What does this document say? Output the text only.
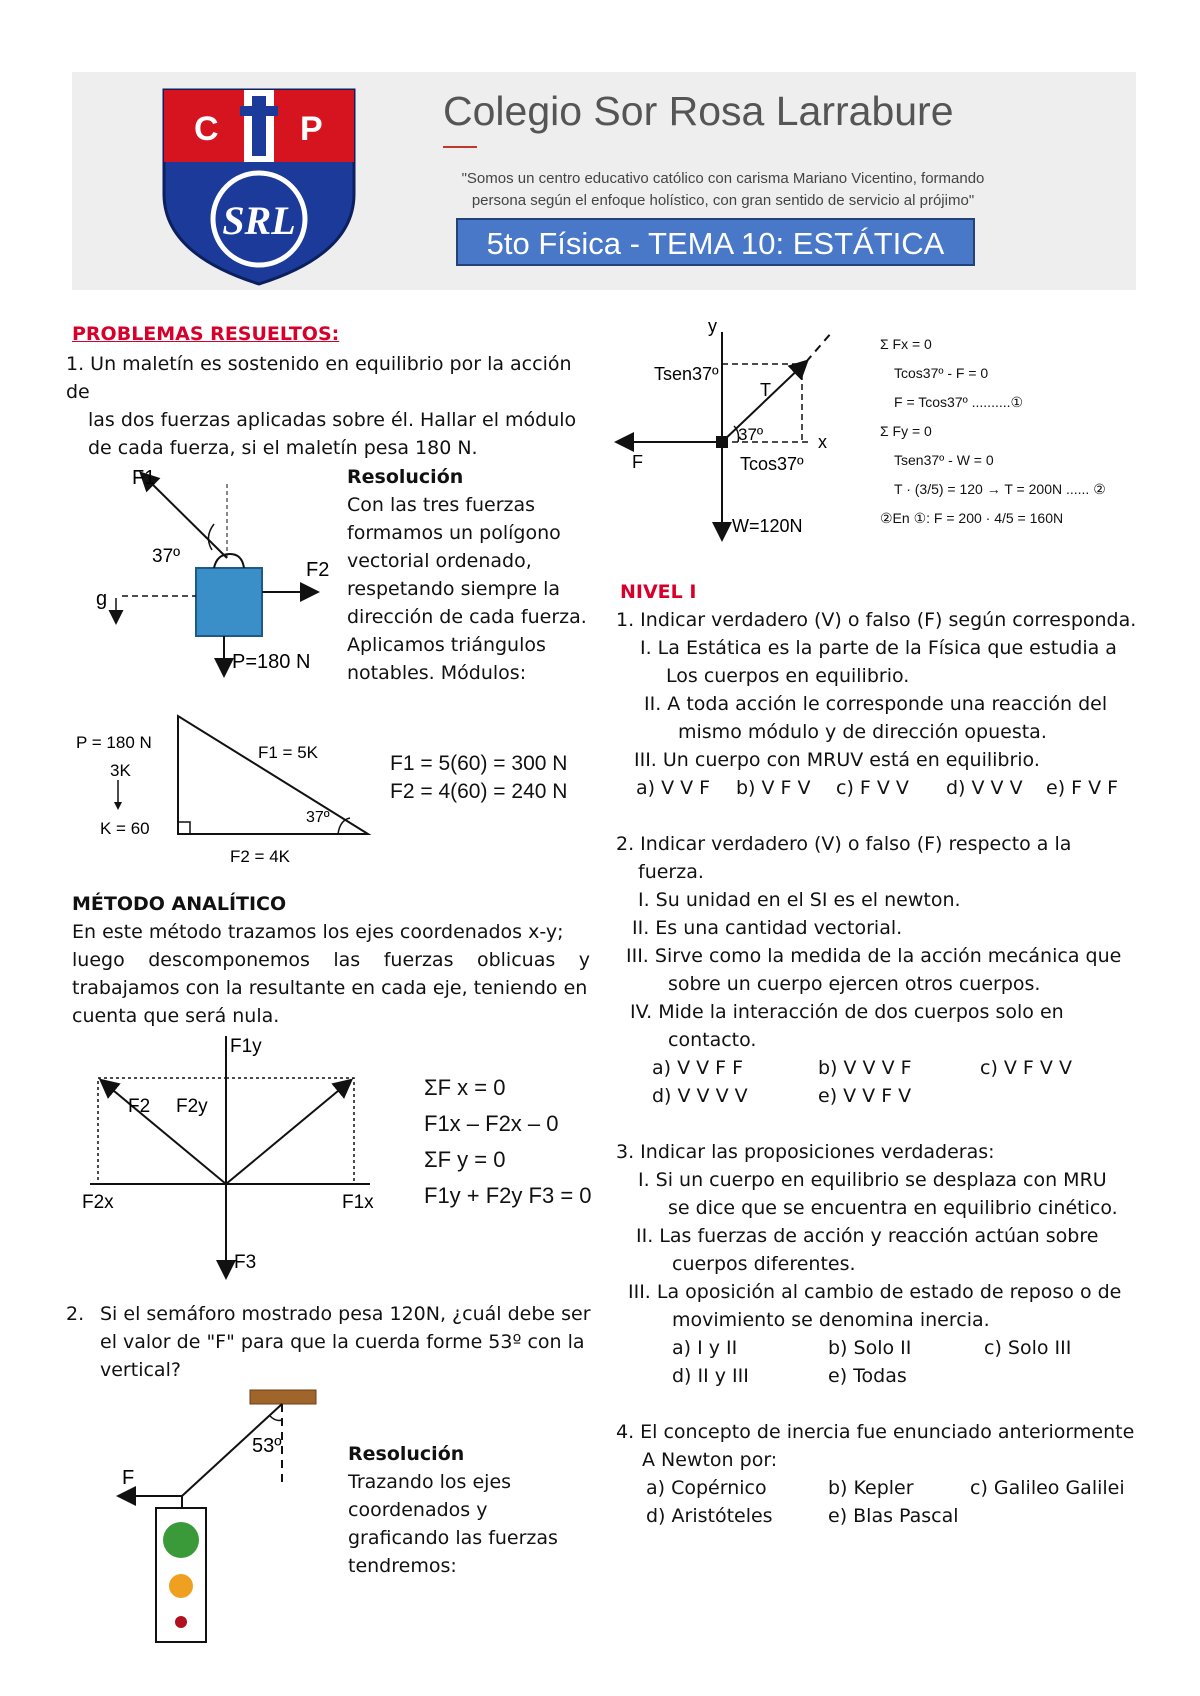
C P
SRL
Colegio Sor Rosa Larrabure
"Somos un centro educativo católico con carisma Mariano Vicentino, formando
persona según el enfoque holístico, con gran sentido de servicio al prójimo"
5to Física - TEMA 10: ESTÁTICA
PROBLEMAS RESUELTOS:
1. Un maletín es sostenido en equilibrio por la acción de
las dos fuerzas aplicadas sobre él. Hallar el módulo
de cada fuerza, si el maletín pesa 180 N.
F1
37º
F2
g
P=180 N
Resolución
Con las tres fuerzas
formamos un polígono
vectorial ordenado,
respetando siempre la
dirección de cada fuerza.
Aplicamos triángulos
notables. Módulos:
P = 180 N
3K
K = 60
F1 = 5K
37º
F2 = 4K
F1 = 5(60) = 300 N
F2 = 4(60) = 240 N
MÉTODO ANALÍTICO
En este método trazamos los ejes coordenados x-y;
luego descomponemos las fuerzas oblicuas y
trabajamos con la resultante en cada eje, teniendo en
cuenta que será nula.
F1y
F2 F2y
F2x	F1x
F3
ΣF x = 0
F1x – F2x – 0
ΣF y = 0
F1y + F2y F3 = 0
2. Si el semáforo mostrado pesa 120N, ¿cuál debe ser
el valor de "F" para que la cuerda forme 53º con la
vertical?
F
53º	Resolución
Trazando los ejes
coordenados y
graficando las fuerzas
tendremos:
y
x
Tsen37º
T
37º
F	Tcos37º
W=120N
Σ Fx = 0
Tcos37º - F = 0
F = Tcos37º ..........①
Σ Fy = 0
Tsen37º - W = 0
T · (3/5) = 120 → T = 200N ...... ②
②En ①: F = 200 · 4/5 = 160N
NIVEL I
1. Indicar verdadero (V) o falso (F) según corresponda.
I. La Estática es la parte de la Física que estudia a
Los cuerpos en equilibrio.
II. A toda acción le corresponde una reacción del
mismo módulo y de dirección opuesta.
III. Un cuerpo con MRUV está en equilibrio.
a) V V F	b) V F V	c) F V V	d) V V V	e) F V F
2. Indicar verdadero (V) o falso (F) respecto a la
fuerza.
I. Su unidad en el SI es el newton.
II. Es una cantidad vectorial.
III. Sirve como la medida de la acción mecánica que
sobre un cuerpo ejercen otros cuerpos.
IV. Mide la interacción de dos cuerpos solo en
contacto.
a) V V F F	b) V V V F	c) V F V V
d) V V V V	e) V V F V
3. Indicar las proposiciones verdaderas:
I. Si un cuerpo en equilibrio se desplaza con MRU
se dice que se encuentra en equilibrio cinético.
II. Las fuerzas de acción y reacción actúan sobre
cuerpos diferentes.
III. La oposición al cambio de estado de reposo o de
movimiento se denomina inercia.
a) I y II	b) Solo II	c) Solo III
d) II y III	e) Todas
4. El concepto de inercia fue enunciado anteriormente
A Newton por:
a) Copérnico	b) Kepler	c) Galileo Galilei
d) Aristóteles	e) Blas Pascal
